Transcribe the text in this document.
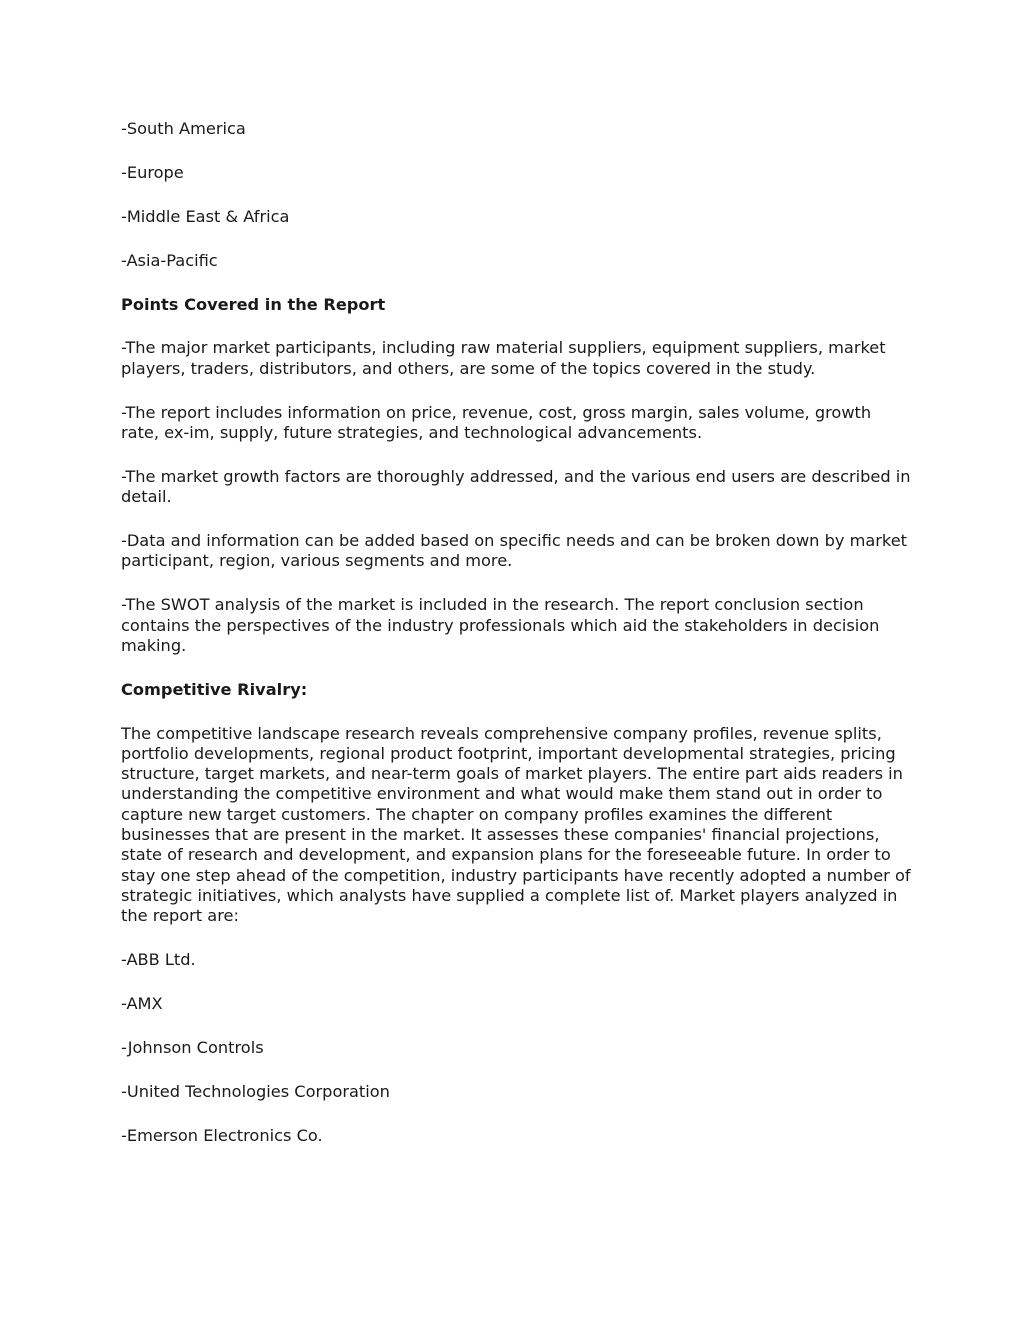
-South America

-Europe

-Middle East & Africa

-Asia-Pacific

Points Covered in the Report

-The major market participants, including raw material suppliers, equipment suppliers, market players, traders, distributors, and others, are some of the topics covered in the study.

-The report includes information on price, revenue, cost, gross margin, sales volume, growth rate, ex-im, supply, future strategies, and technological advancements.

-The market growth factors are thoroughly addressed, and the various end users are described in detail.

-Data and information can be added based on specific needs and can be broken down by market participant, region, various segments and more.

-The SWOT analysis of the market is included in the research. The report conclusion section contains the perspectives of the industry professionals which aid the stakeholders in decision making.

Competitive Rivalry:

The competitive landscape research reveals comprehensive company profiles, revenue splits, portfolio developments, regional product footprint, important developmental strategies, pricing structure, target markets, and near-term goals of market players. The entire part aids readers in understanding the competitive environment and what would make them stand out in order to capture new target customers. The chapter on company profiles examines the different businesses that are present in the market. It assesses these companies' financial projections, state of research and development, and expansion plans for the foreseeable future. In order to stay one step ahead of the competition, industry participants have recently adopted a number of strategic initiatives, which analysts have supplied a complete list of. Market players analyzed in the report are:

-ABB Ltd.

-AMX

-Johnson Controls

-United Technologies Corporation

-Emerson Electronics Co.
